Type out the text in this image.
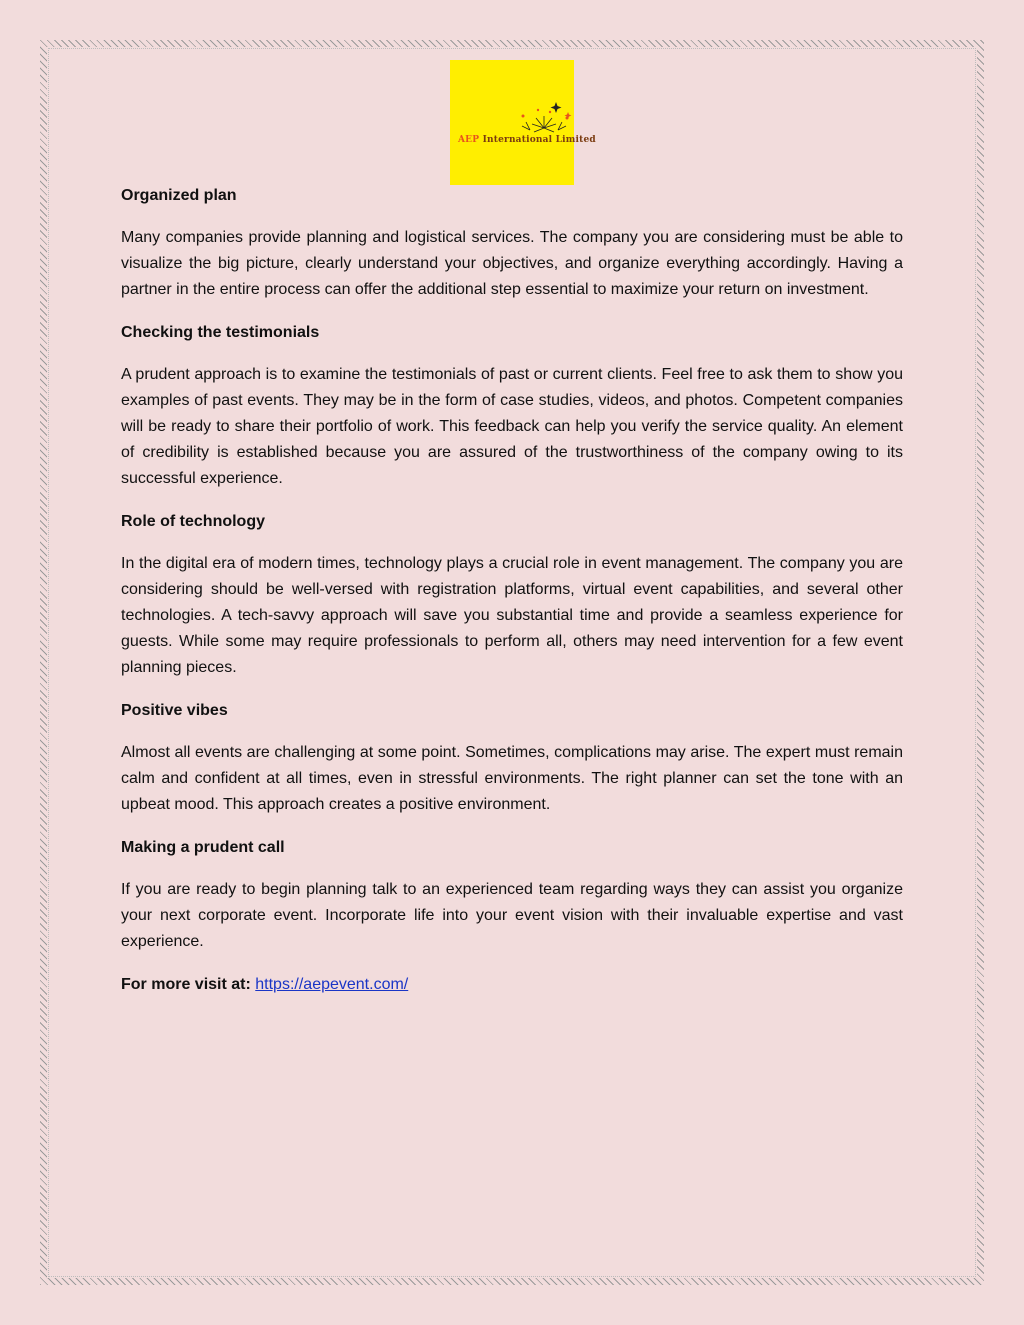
AEP International Limited
Organized plan

Many companies provide planning and logistical services. The company you are considering must be able to visualize the big picture, clearly understand your objectives, and organize everything accordingly. Having a partner in the entire process can offer the additional step essential to maximize your return on investment.

Checking the testimonials

A prudent approach is to examine the testimonials of past or current clients. Feel free to ask them to show you examples of past events. They may be in the form of case studies, videos, and photos. Competent companies will be ready to share their portfolio of work. This feedback can help you verify the service quality. An element of credibility is established because you are assured of the trustworthiness of the company owing to its successful experience.

Role of technology

In the digital era of modern times, technology plays a crucial role in event management. The company you are considering should be well-versed with registration platforms, virtual event capabilities, and several other technologies. A tech-savvy approach will save you substantial time and provide a seamless experience for guests. While some may require professionals to perform all, others may need intervention for a few event planning pieces.

Positive vibes

Almost all events are challenging at some point. Sometimes, complications may arise. The expert must remain calm and confident at all times, even in stressful environments. The right planner can set the tone with an upbeat mood. This approach creates a positive environment.

Making a prudent call

If you are ready to begin planning talk to an experienced team regarding ways they can assist you organize your next corporate event. Incorporate life into your event vision with their invaluable expertise and vast experience.

For more visit at: https://aepevent.com/
